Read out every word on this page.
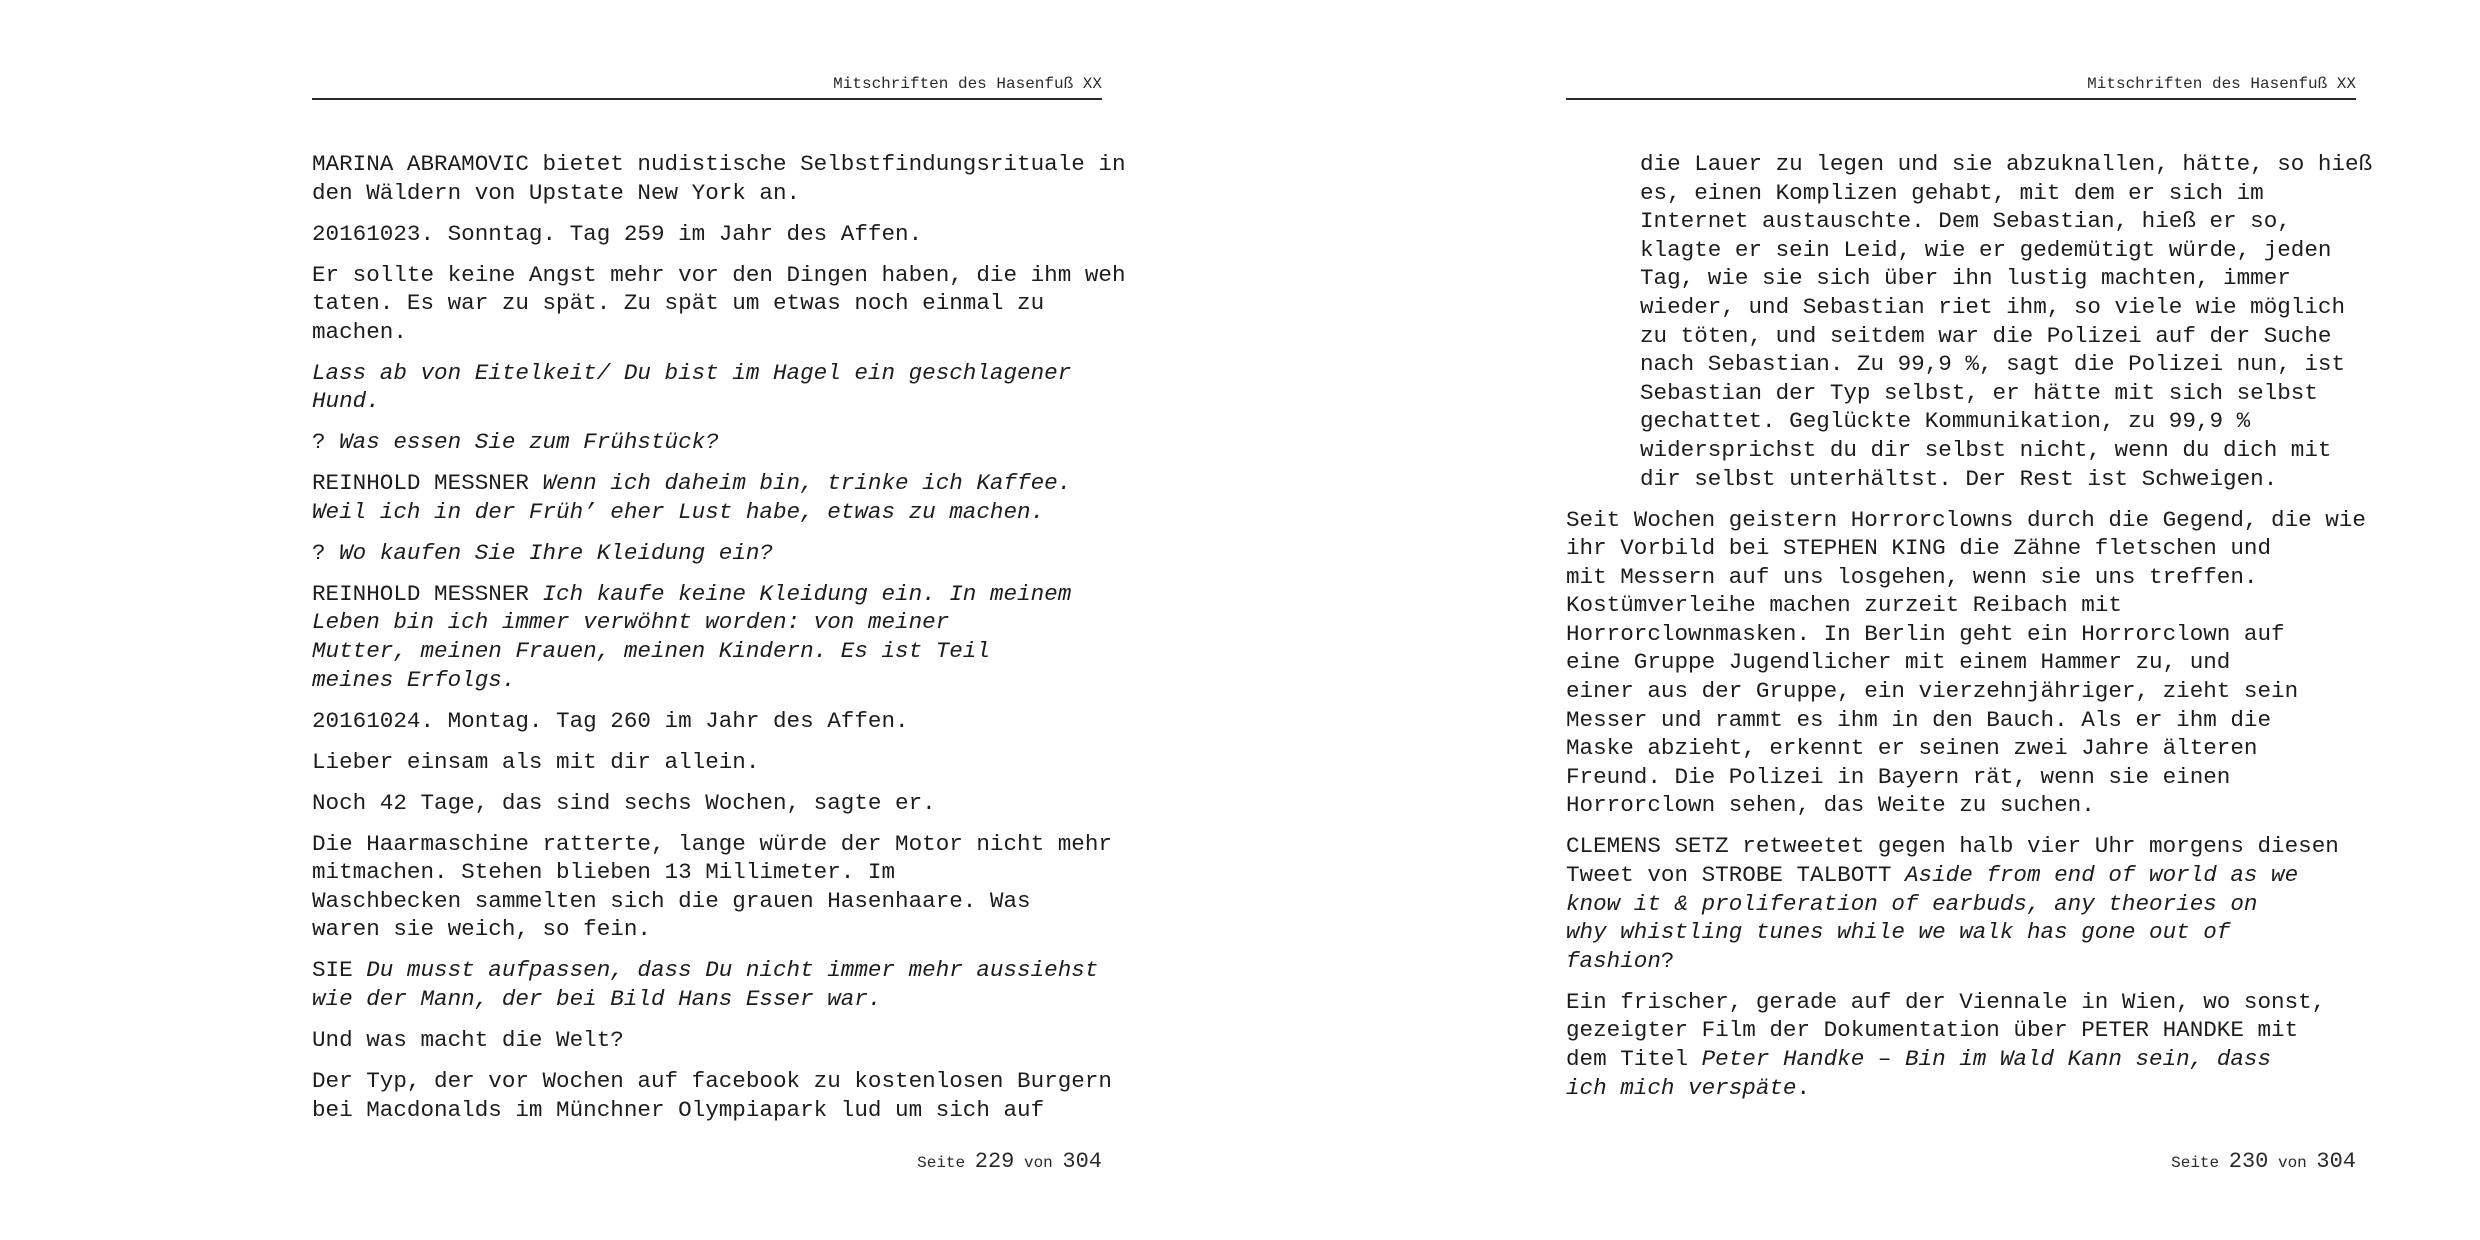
Mitschriften des Hasenfuß XX

MARINA ABRAMOVIC bietet nudistische Selbstfindungsrituale in
den Wäldern von Upstate New York an.

20161023. Sonntag. Tag 259 im Jahr des Affen.

Er sollte keine Angst mehr vor den Dingen haben, die ihm weh
taten. Es war zu spät. Zu spät um etwas noch einmal zu
machen.

Lass ab von Eitelkeit/ Du bist im Hagel ein geschlagener
Hund.

? Was essen Sie zum Frühstück?

REINHOLD MESSNER Wenn ich daheim bin, trinke ich Kaffee.
Weil ich in der Früh’ eher Lust habe, etwas zu machen.

? Wo kaufen Sie Ihre Kleidung ein?

REINHOLD MESSNER Ich kaufe keine Kleidung ein. In meinem
Leben bin ich immer verwöhnt worden: von meiner
Mutter, meinen Frauen, meinen Kindern. Es ist Teil
meines Erfolgs.

20161024. Montag. Tag 260 im Jahr des Affen.

Lieber einsam als mit dir allein.

Noch 42 Tage, das sind sechs Wochen, sagte er.

Die Haarmaschine ratterte, lange würde der Motor nicht mehr
mitmachen. Stehen blieben 13 Millimeter. Im
Waschbecken sammelten sich die grauen Hasenhaare. Was
waren sie weich, so fein.

SIE Du musst aufpassen, dass Du nicht immer mehr aussiehst
wie der Mann, der bei Bild Hans Esser war.

Und was macht die Welt?

Der Typ, der vor Wochen auf facebook zu kostenlosen Burgern
bei Macdonalds im Münchner Olympiapark lud um sich auf

Seite 229 von 304
Mitschriften des Hasenfuß XX

die Lauer zu legen und sie abzuknallen, hätte, so hieß
es, einen Komplizen gehabt, mit dem er sich im
Internet austauschte. Dem Sebastian, hieß er so,
klagte er sein Leid, wie er gedemütigt würde, jeden
Tag, wie sie sich über ihn lustig machten, immer
wieder, und Sebastian riet ihm, so viele wie möglich
zu töten, und seitdem war die Polizei auf der Suche
nach Sebastian. Zu 99,9 %, sagt die Polizei nun, ist
Sebastian der Typ selbst, er hätte mit sich selbst
gechattet. Geglückte Kommunikation, zu 99,9 %
widersprichst du dir selbst nicht, wenn du dich mit
dir selbst unterhältst. Der Rest ist Schweigen.

Seit Wochen geistern Horrorclowns durch die Gegend, die wie
ihr Vorbild bei STEPHEN KING die Zähne fletschen und
mit Messern auf uns losgehen, wenn sie uns treffen.
Kostümverleihe machen zurzeit Reibach mit
Horrorclownmasken. In Berlin geht ein Horrorclown auf
eine Gruppe Jugendlicher mit einem Hammer zu, und
einer aus der Gruppe, ein vierzehnjähriger, zieht sein
Messer und rammt es ihm in den Bauch. Als er ihm die
Maske abzieht, erkennt er seinen zwei Jahre älteren
Freund. Die Polizei in Bayern rät, wenn sie einen
Horrorclown sehen, das Weite zu suchen.

CLEMENS SETZ retweetet gegen halb vier Uhr morgens diesen
Tweet von STROBE TALBOTT Aside from end of world as we
know it & proliferation of earbuds, any theories on
why whistling tunes while we walk has gone out of
fashion?

Ein frischer, gerade auf der Viennale in Wien, wo sonst,
gezeigter Film der Dokumentation über PETER HANDKE mit
dem Titel Peter Handke – Bin im Wald Kann sein, dass
ich mich verspäte.

Seite 230 von 304
